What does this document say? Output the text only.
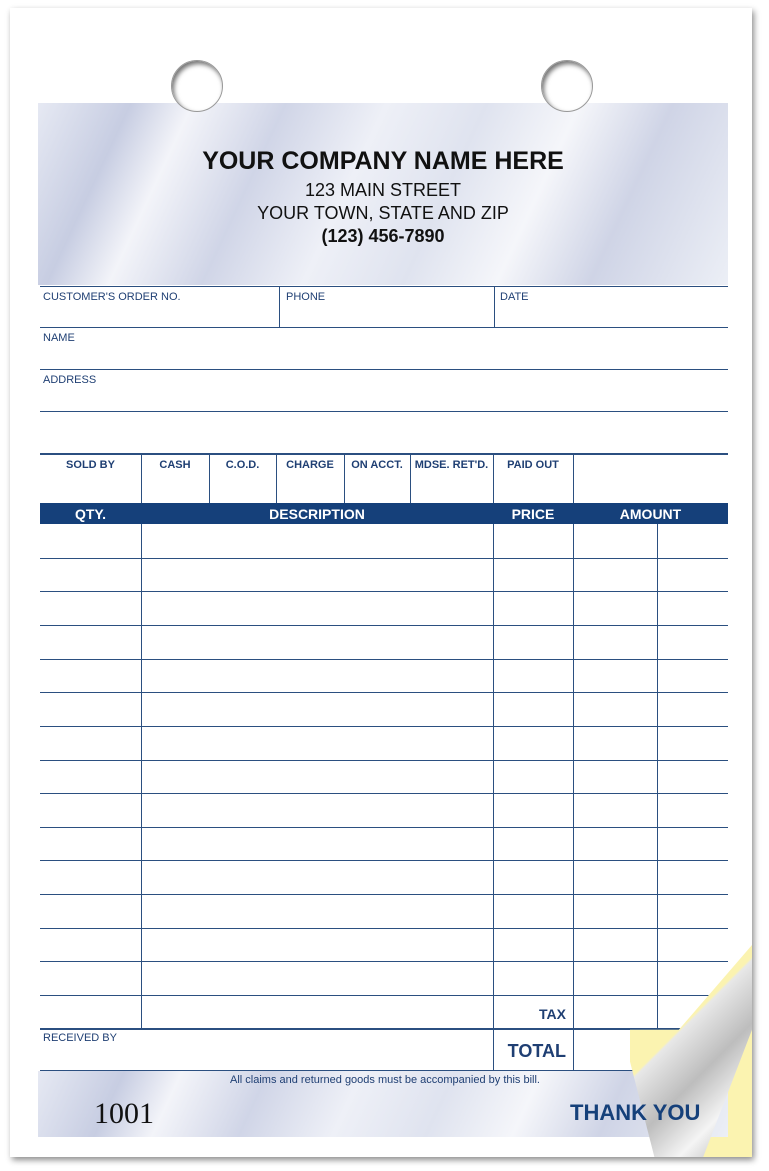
YOUR COMPANY NAME HERE
123 MAIN STREET
YOUR TOWN, STATE AND ZIP
(123) 456-7890
CUSTOMER'S ORDER NO.	PHONE	DATE
NAME
ADDRESS
SOLD BY	CASH	C.O.D.	CHARGE	ON ACCT.	MDSE. RET'D.	PAID OUT
QTY.	DESCRIPTION	PRICE	AMOUNT
TAX
TOTAL
RECEIVED BY
All claims and returned goods must be accompanied by this bill.
1001	THANK YOU
